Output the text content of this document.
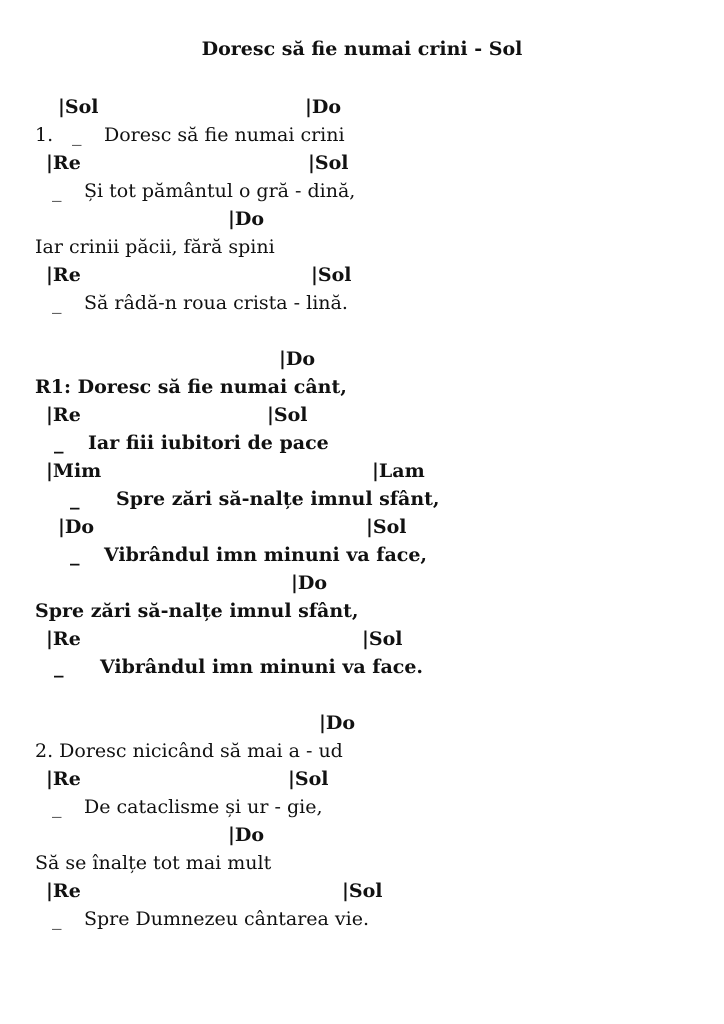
Doresc să fie numai crini - Sol
|Sol	|Do
1. _ Doresc să fie numai crini
|Re	|Sol
_ Și tot pământul o gră - dină,
|Do
Iar crinii păcii, fără spini
|Re	|Sol
_ Să râdă-n roua crista - lină.
|Do
R1: Doresc să fie numai cânt,
|Re	|Sol
_ Iar fiii iubitori de pace
|Mim	|Lam
_ Spre zări să-nalțe imnul sfânt,
|Do	|Sol
_ Vibrândul imn minuni va face,
|Do
Spre zări să-nalțe imnul sfânt,
|Re	|Sol
_ Vibrândul imn minuni va face.
|Do
2. Doresc nicicând să mai a - ud
|Re	|Sol
_ De cataclisme și ur - gie,
|Do
Să se înalțe tot mai mult
|Re	|Sol
_ Spre Dumnezeu cântarea vie.
